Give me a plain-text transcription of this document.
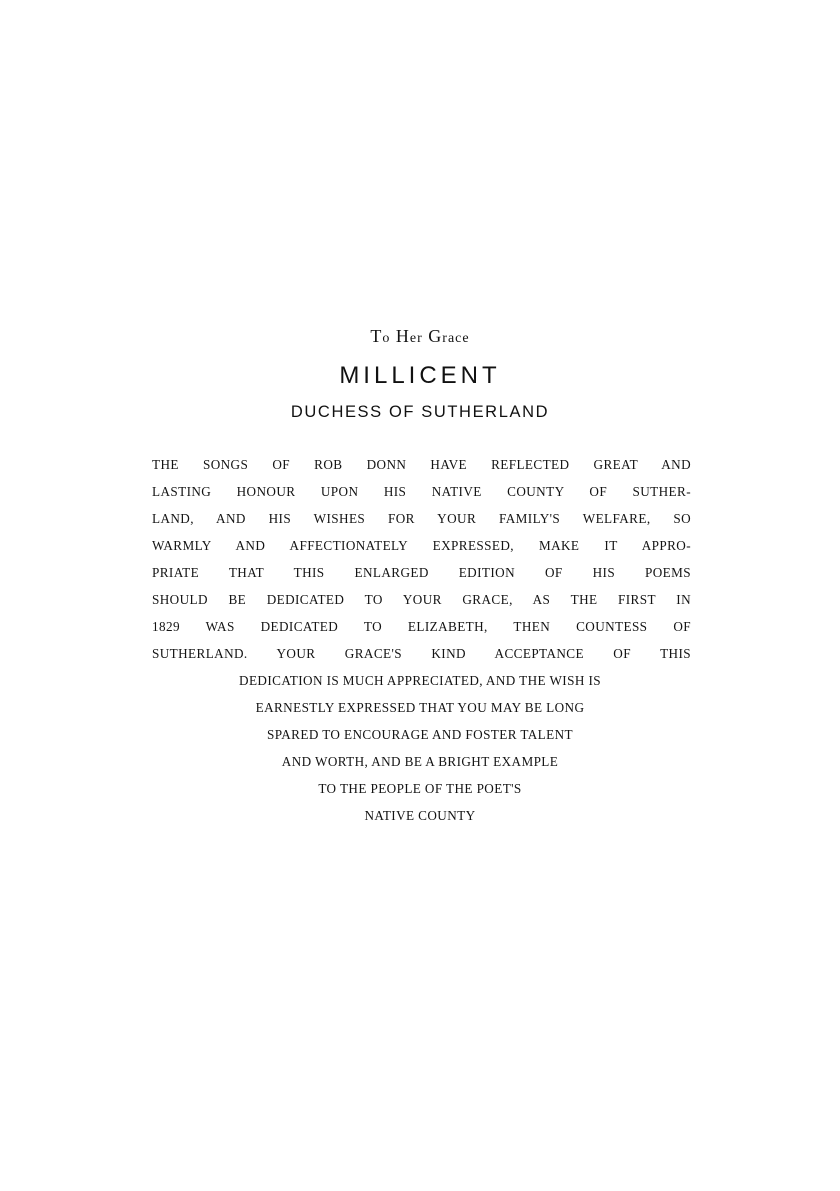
To Her Grace
MILLICENT
DUCHESS OF SUTHERLAND
THE SONGS OF ROB DONN HAVE REFLECTED GREAT AND
LASTING HONOUR UPON HIS NATIVE COUNTY OF SUTHER-
LAND, AND HIS WISHES FOR YOUR FAMILY'S WELFARE, SO
WARMLY AND AFFECTIONATELY EXPRESSED, MAKE IT APPRO-
PRIATE THAT THIS ENLARGED EDITION OF HIS POEMS
SHOULD BE DEDICATED TO YOUR GRACE, AS THE FIRST IN
1829 WAS DEDICATED TO ELIZABETH, THEN COUNTESS OF
SUTHERLAND. YOUR GRACE'S KIND ACCEPTANCE OF THIS
DEDICATION IS MUCH APPRECIATED, AND THE WISH IS
EARNESTLY EXPRESSED THAT YOU MAY BE LONG
SPARED TO ENCOURAGE AND FOSTER TALENT
AND WORTH, AND BE A BRIGHT EXAMPLE
TO THE PEOPLE OF THE POET'S
NATIVE COUNTY
